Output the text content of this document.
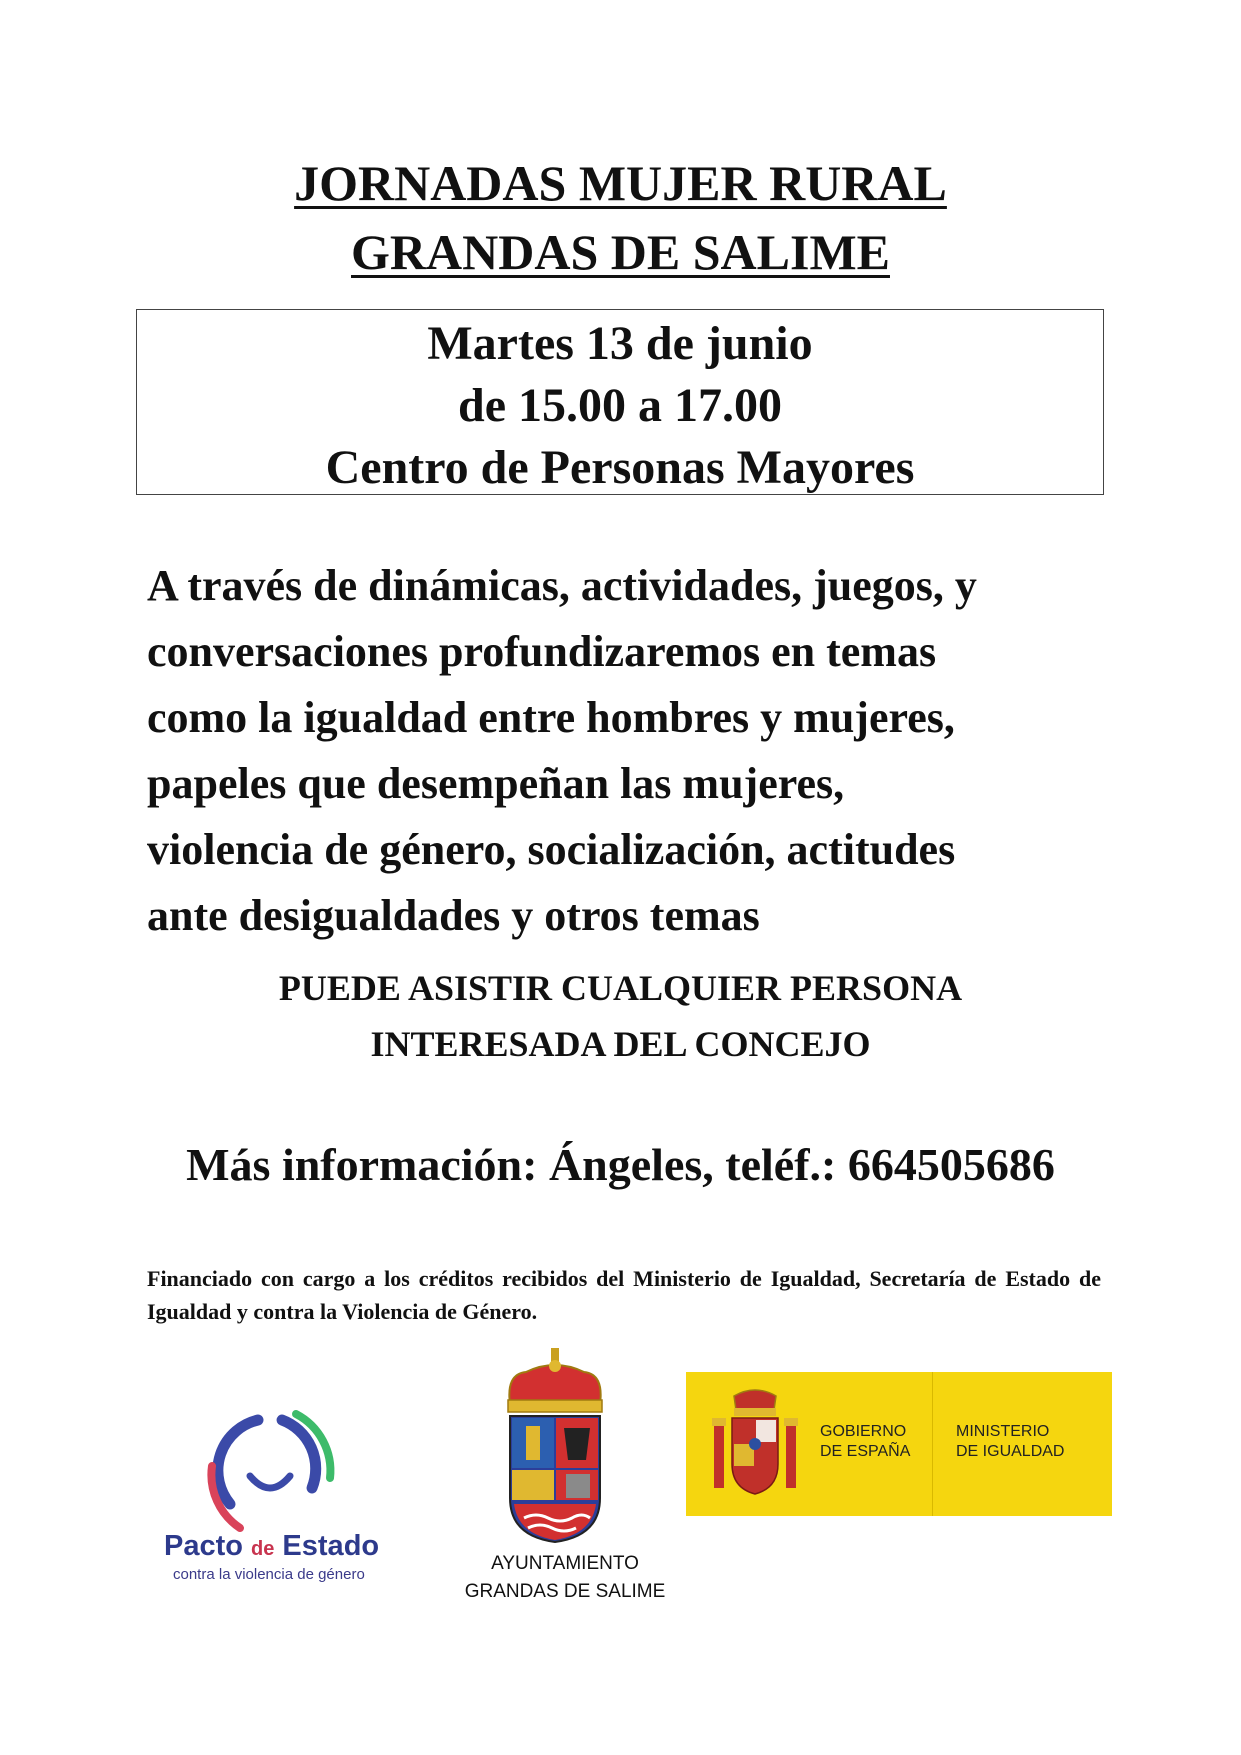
JORNADAS MUJER RURAL
GRANDAS DE SALIME
Martes 13 de junio
de 15.00 a 17.00
Centro de Personas Mayores
A través de dinámicas, actividades, juegos, y
conversaciones profundizaremos en temas
como la igualdad entre hombres y mujeres,
papeles que desempeñan las mujeres,
violencia de género, socialización, actitudes
ante desigualdades y otros temas
PUEDE ASISTIR CUALQUIER PERSONA
INTERESADA DEL CONCEJO
Más información: Ángeles, teléf.: 664505686
Financiado con cargo a los créditos recibidos del Ministerio de Igualdad, Secretaría de Estado de Igualdad y contra la Violencia de Género.
Pacto de Estado
contra la violencia de género
AYUNTAMIENTO
GRANDAS DE SALIME
GOBIERNO
DE ESPAÑA
MINISTERIO
DE IGUALDAD
